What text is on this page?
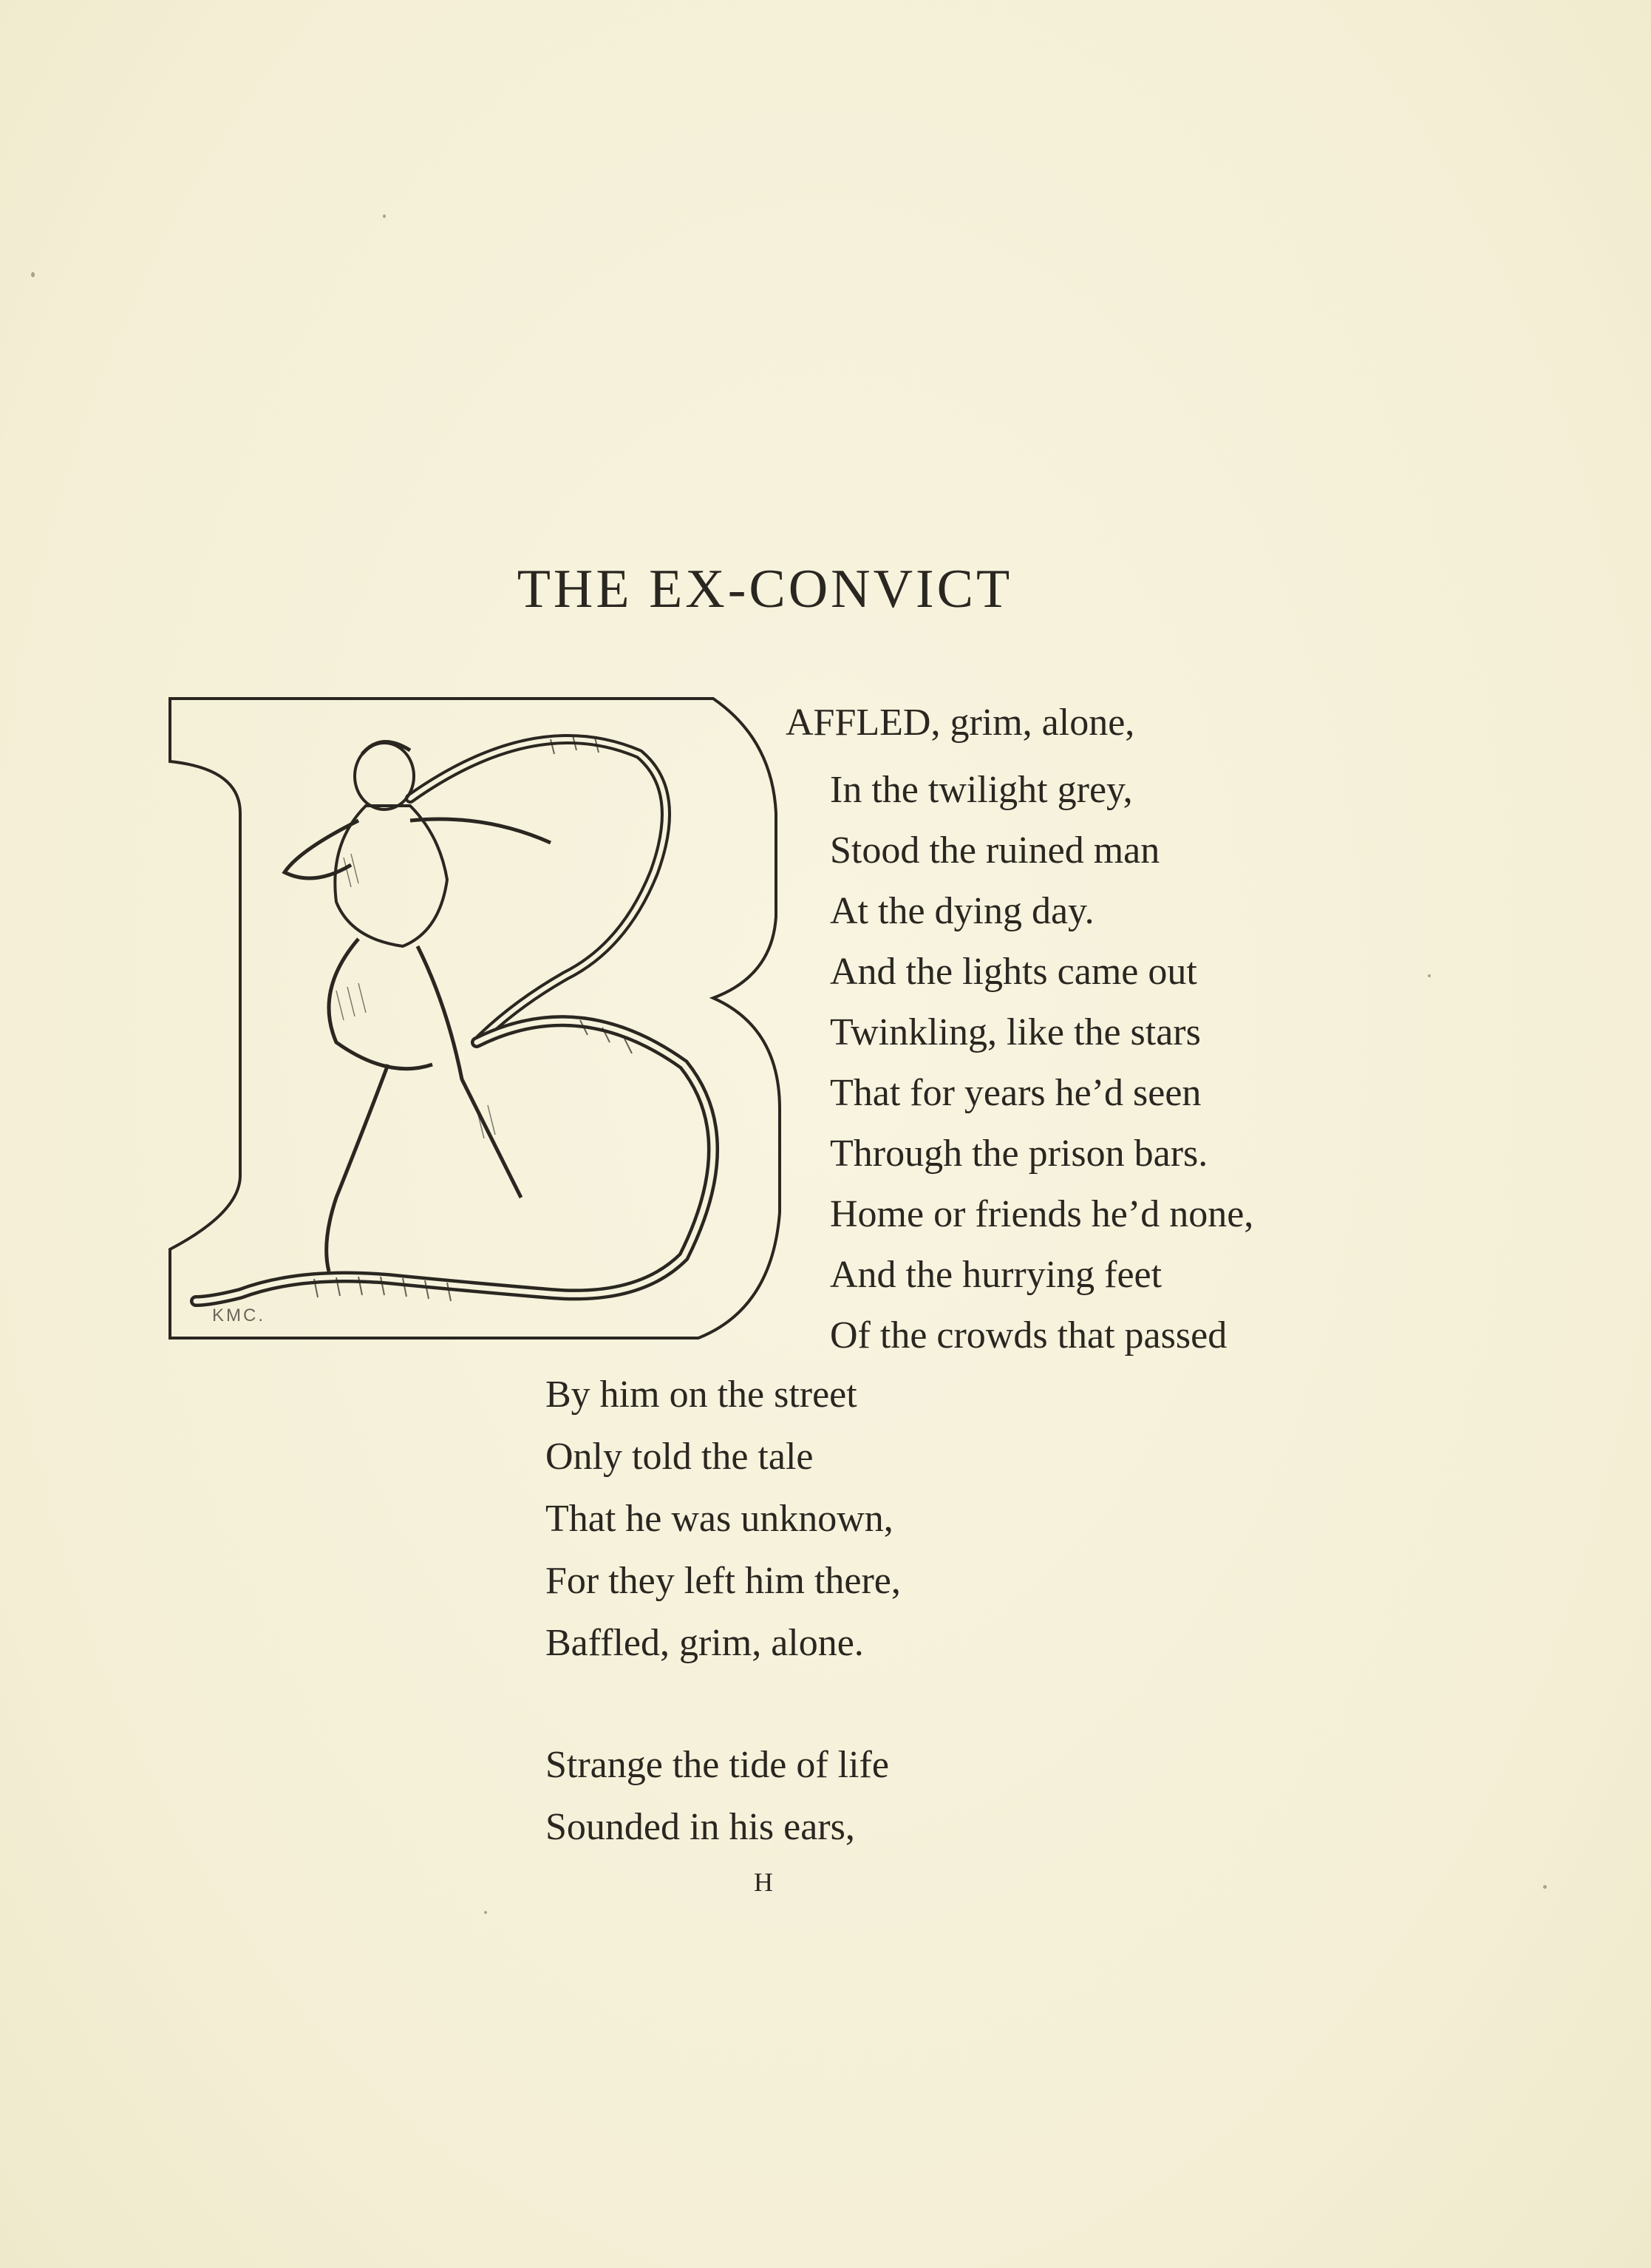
THE EX-CONVICT
KMC.
AFFLED, grim, alone,
In the twilight grey,
Stood the ruined man
At the dying day.
And the lights came out
Twinkling, like the stars
That for years he’d seen
Through the prison bars.
Home or friends he’d none,
And the hurrying feet
Of the crowds that passed
By him on the street
Only told the tale
That he was unknown,
For they left him there,
Baffled, grim, alone.
Strange the tide of life
Sounded in his ears,
H
